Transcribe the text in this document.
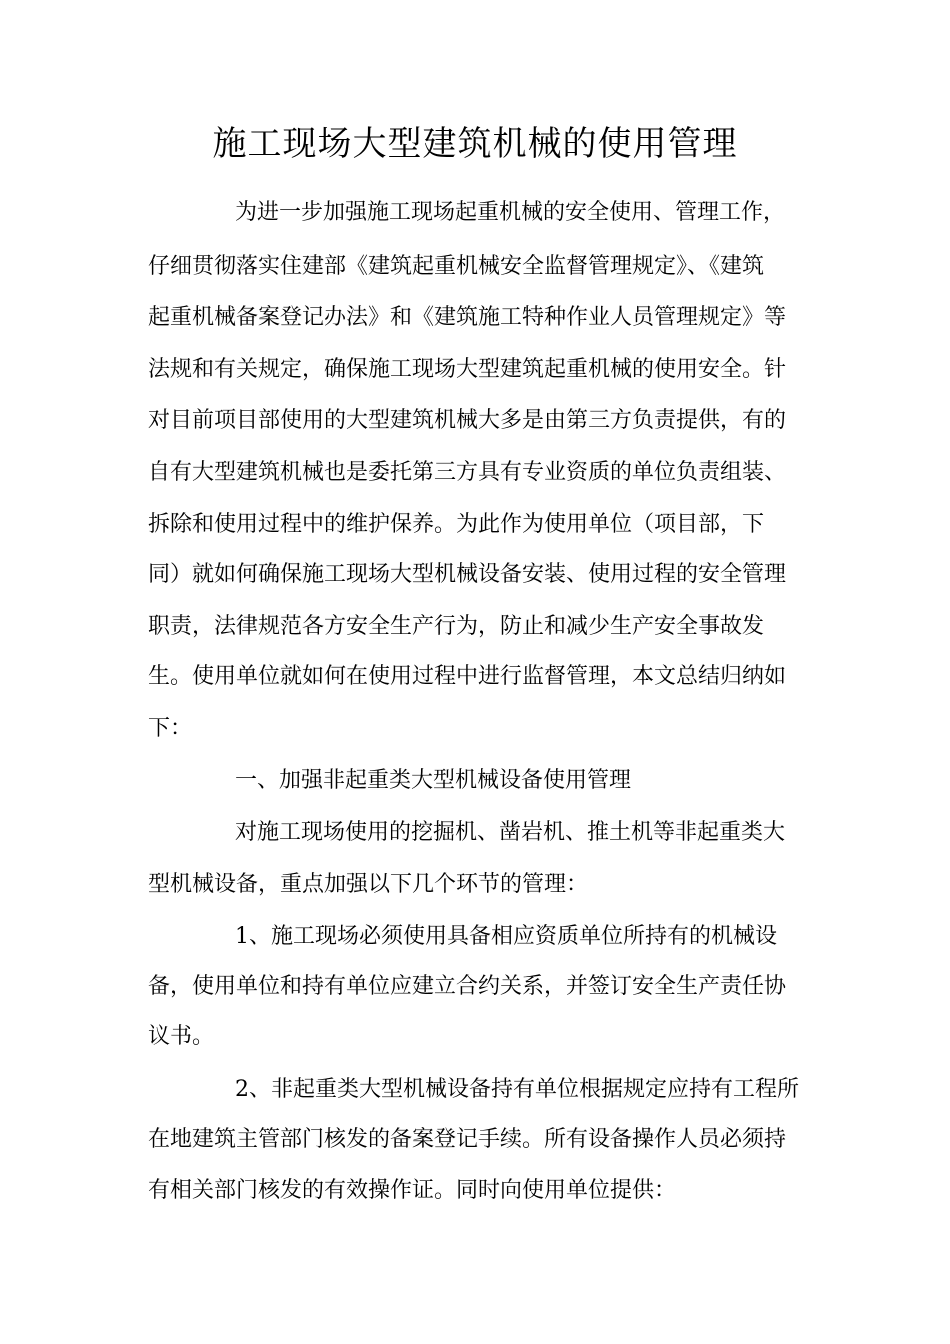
施工现场大型建筑机械的使用管理

为进一步加强施工现场起重机械的安全使用、管理工作，

仔细贯彻落实住建部《建筑起重机械安全监督管理规定》、《建筑

起重机械备案登记办法》和《建筑施工特种作业人员管理规定》等

法规和有关规定，确保施工现场大型建筑起重机械的使用安全。针

对目前项目部使用的大型建筑机械大多是由第三方负责提供，有的

自有大型建筑机械也是委托第三方具有专业资质的单位负责组装、

拆除和使用过程中的维护保养。为此作为使用单位（项目部，下

同）就如何确保施工现场大型机械设备安装、使用过程的安全管理

职责，法律规范各方安全生产行为，防止和减少生产安全事故发

生。使用单位就如何在使用过程中进行监督管理，本文总结归纳如

下：

一、加强非起重类大型机械设备使用管理

对施工现场使用的挖掘机、凿岩机、推土机等非起重类大

型机械设备，重点加强以下几个环节的管理：

1、施工现场必须使用具备相应资质单位所持有的机械设

备，使用单位和持有单位应建立合约关系，并签订安全生产责任协

议书。

2、非起重类大型机械设备持有单位根据规定应持有工程所

在地建筑主管部门核发的备案登记手续。所有设备操作人员必须持

有相关部门核发的有效操作证。同时向使用单位提供：
